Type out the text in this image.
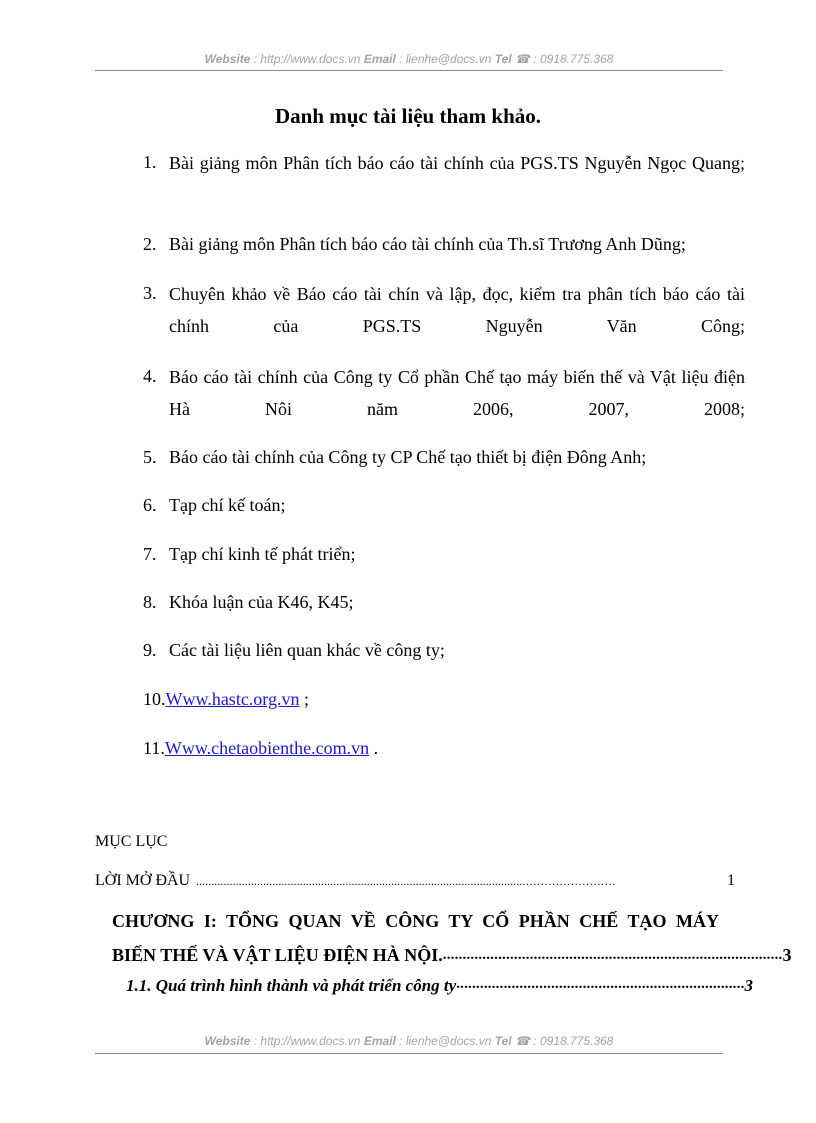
Website : http://www.docs.vn Email : lienhe@docs.vn Tel ☎ : 0918.775.368
Danh mục tài liệu tham khảo.
1. Bài giảng môn Phân tích báo cáo tài chính của PGS.TS Nguyễn Ngọc Quang;
2. Bài giảng môn Phân tích báo cáo tài chính của Th.sĩ Trương Anh Dũng;
3. Chuyên khảo về Báo cáo tài chín và lập, đọc, kiểm tra phân tích báo cáo tài chính của PGS.TS Nguyễn Văn Công;
4. Báo cáo tài chính của Công ty Cổ phần Chế tạo máy biến thế và Vật liệu điện Hà Nôi năm 2006, 2007, 2008;
5. Báo cáo tài chính của Công ty CP Chế tạo thiết bị điện Đông Anh;
6. Tạp chí kế toán;
7. Tạp chí kinh tế phát triển;
8. Khóa luận của K46, K45;
9. Các tài liệu liên quan khác về công ty;
10.Www.hastc.org.vn ;
11.Www.chetaobienthe.com.vn .
MỤC LỤC
LỜI MỞ ĐẦU ............................................................................................................……………………	1
CHƯƠNG I: TỔNG QUAN VỀ CÔNG TY CỔ PHẦN CHẾ TẠO MÁY
BIẾN THẾ VÀ VẬT LIỆU ĐIỆN HÀ NỘI. ...................................................................................... 3
1.1. Quá trình hình thành và phát triển công ty ......................................................................... 3
Website : http://www.docs.vn Email : lienhe@docs.vn Tel ☎ : 0918.775.368
